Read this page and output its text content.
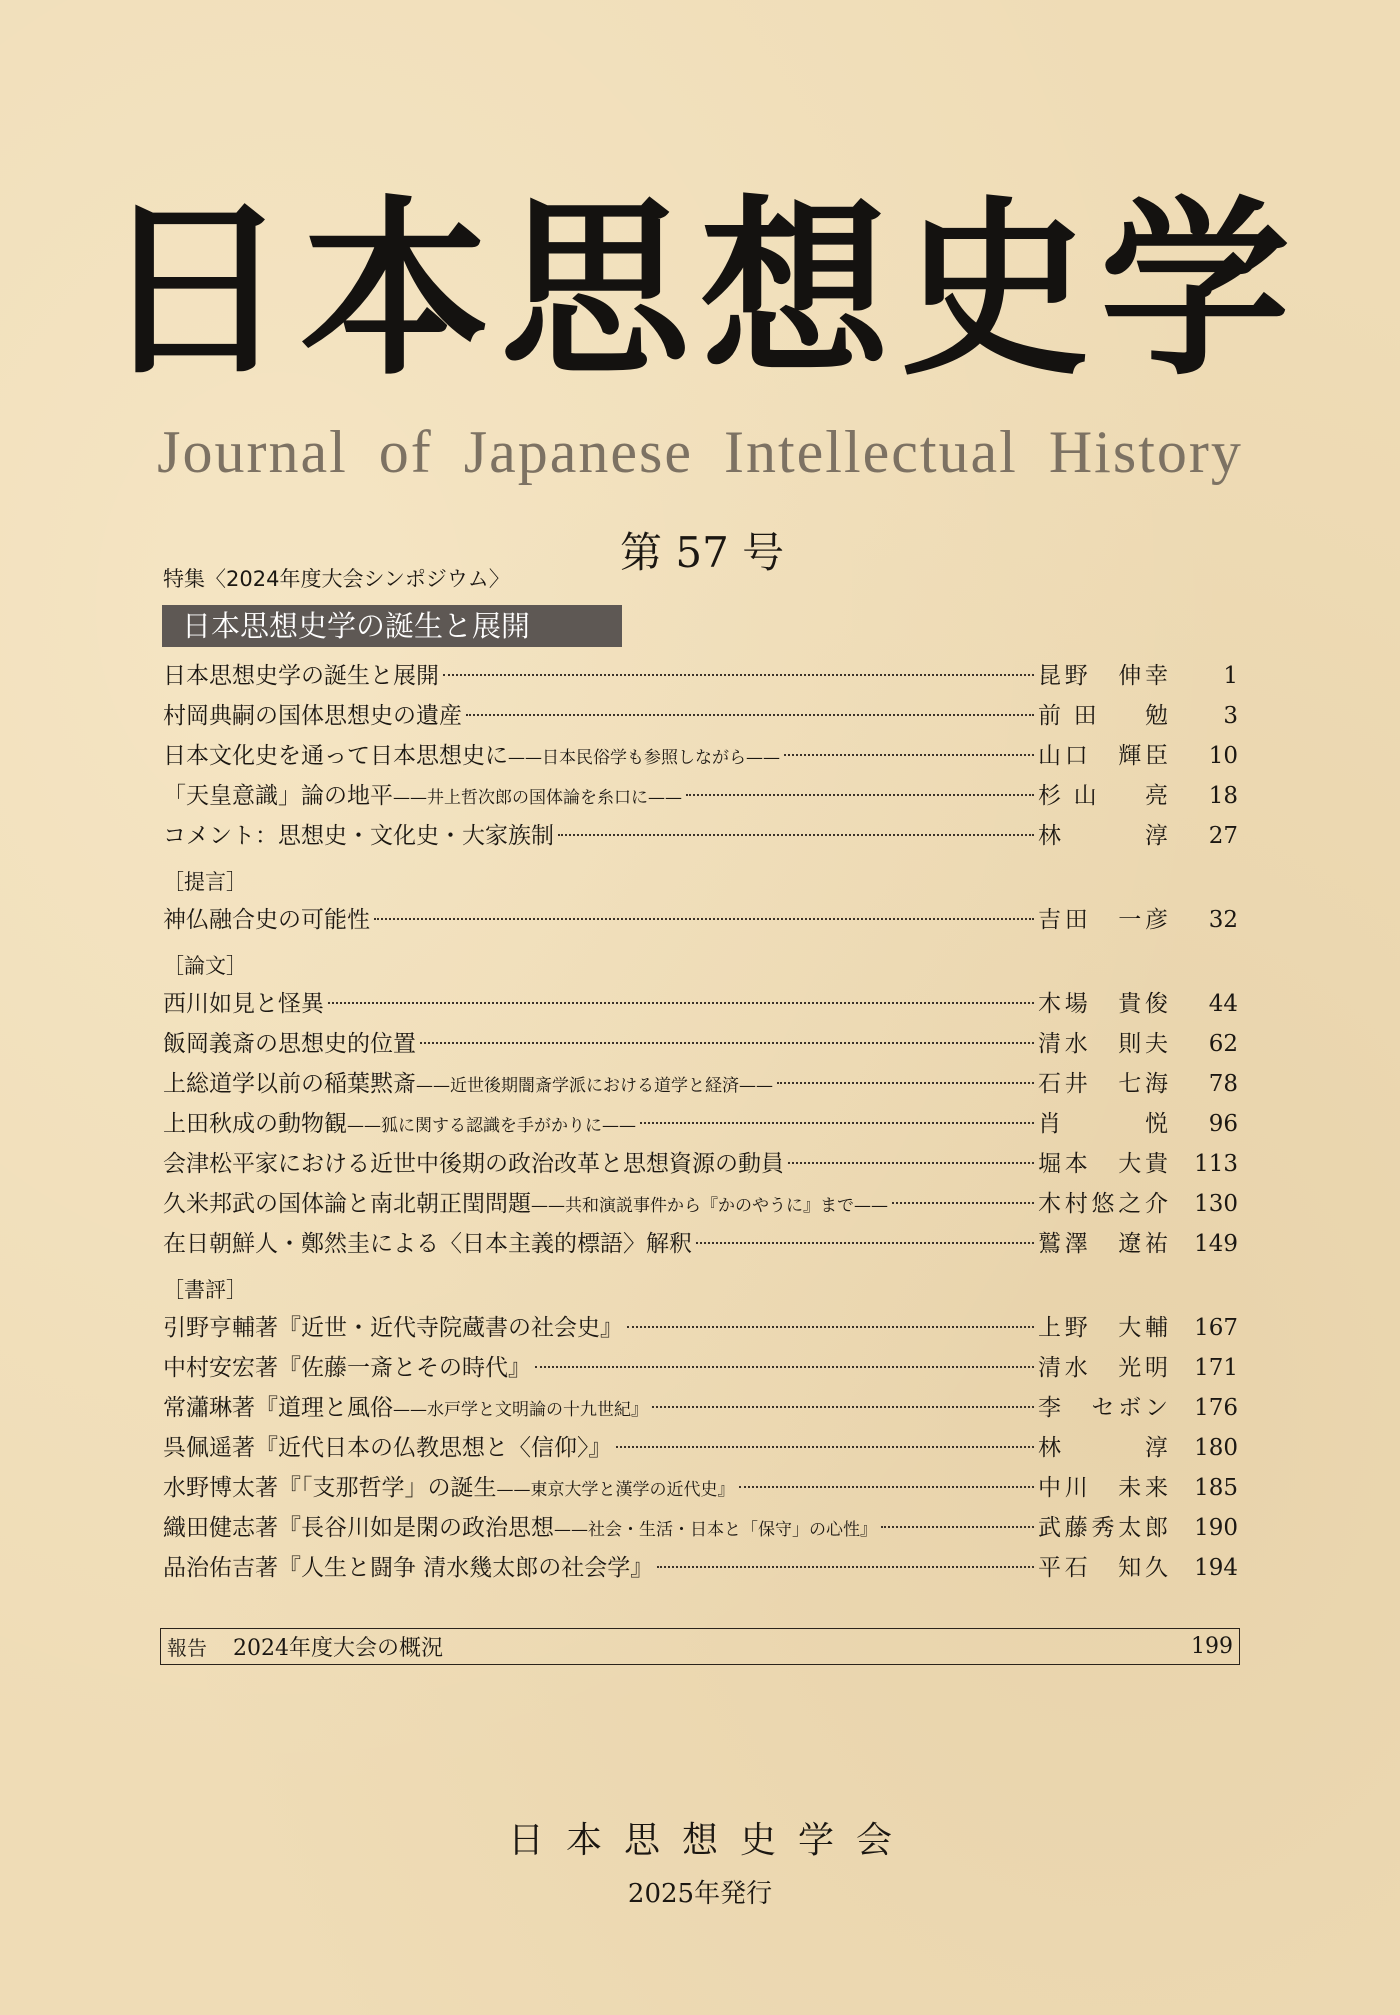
日本思想史学
Journal of Japanese Intellectual History
第 57 号
特集〈2024年度大会シンポジウム〉
日本思想史学の誕生と展開
日本思想史学の誕生と展開	昆野　伸幸	1
村岡典嗣の国体思想史の遺産	前田　勉	3
日本文化史を通って日本思想史に——日本民俗学も参照しながら——	山口　輝臣	10
「天皇意識」論の地平——井上哲次郎の国体論を糸口に——	杉山　亮	18
コメント：思想史・文化史・大家族制	林　淳	27
［提言］
神仏融合史の可能性	吉田　一彦	32
［論文］
西川如見と怪異	木場　貴俊	44
飯岡義斎の思想史的位置	清水　則夫	62
上総道学以前の稲葉黙斎——近世後期闇斎学派における道学と経済——	石井　七海	78
上田秋成の動物観——狐に関する認識を手がかりに——	肖　悦	96
会津松平家における近世中後期の政治改革と思想資源の動員	堀本　大貴	113
久米邦武の国体論と南北朝正閏問題——共和演説事件から『かのやうに』まで——	木村悠之介	130
在日朝鮮人・鄭然圭による〈日本主義的標語〉解釈	鷲澤　遼祐	149
［書評］
引野亨輔著『近世・近代寺院蔵書の社会史』	上野　大輔	167
中村安宏著『佐藤一斎とその時代』	清水　光明	171
常瀟琳著『道理と風俗——水戸学と文明論の十九世紀』	李　セボン	176
呉佩遥著『近代日本の仏教思想と〈信仰〉』	林　淳	180
水野博太著『「支那哲学」の誕生——東京大学と漢学の近代史』	中川　未来	185
織田健志著『長谷川如是閑の政治思想——社会・生活・日本と「保守」の心性』	武藤秀太郎	190
品治佑吉著『人生と闘争 清水幾太郎の社会学』	平石　知久	194
報告 2024年度大会の概況	199
日本思想史学会
2025年発行
